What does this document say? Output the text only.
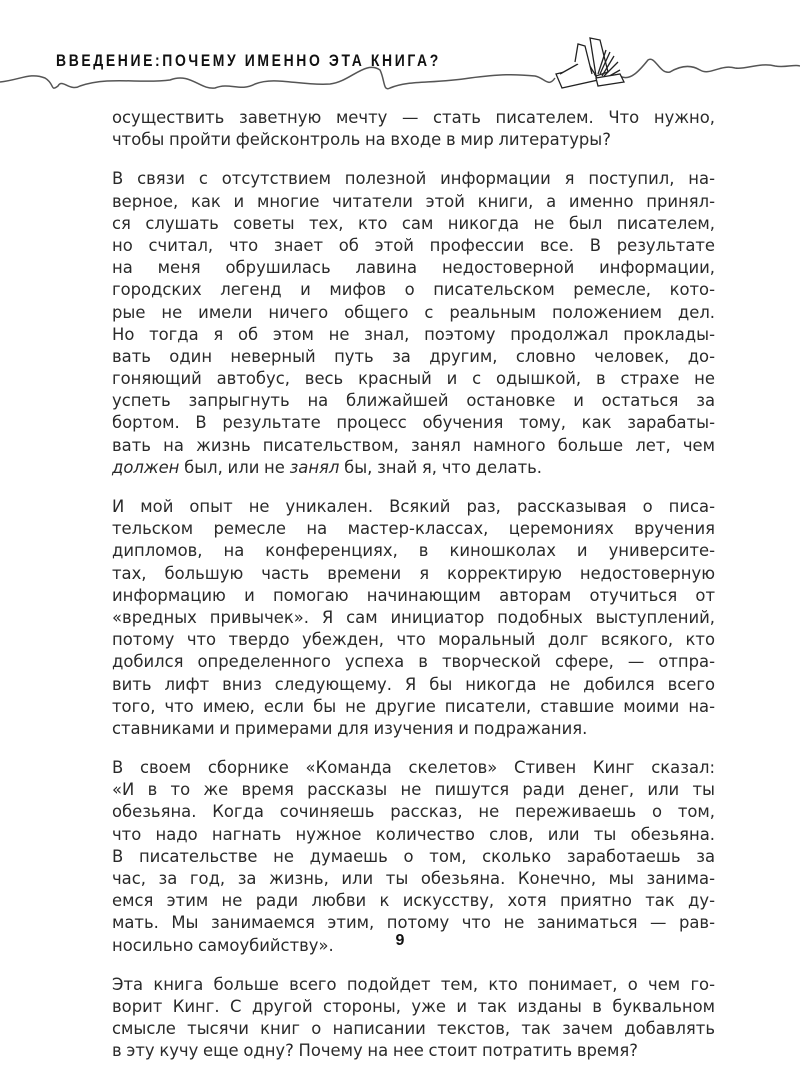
ВВЕДЕНИЕ:ПОЧЕМУ ИМЕННО ЭТА КНИГА?
осуществить заветную мечту — стать писателем. Что нужно,
чтобы пройти фейсконтроль на входе в мир литературы?
В связи с отсутствием полезной информации я поступил, на-
верное, как и многие читатели этой книги, а именно принял-
ся слушать советы тех, кто сам никогда не был писателем,
но считал, что знает об этой профессии все. В результате
на меня обрушилась лавина недостоверной информации,
городских легенд и мифов о писательском ремесле, кото-
рые не имели ничего общего с реальным положением дел.
Но тогда я об этом не знал, поэтому продолжал проклады-
вать один неверный путь за другим, словно человек, до-
гоняющий автобус, весь красный и с одышкой, в страхе не
успеть запрыгнуть на ближайшей остановке и остаться за
бортом. В результате процесс обучения тому, как зарабаты-
вать на жизнь писательством, занял намного больше лет, чем
должен был, или не занял бы, знай я, что делать.
И мой опыт не уникален. Всякий раз, рассказывая о писа-
тельском ремесле на мастер-классах, церемониях вручения
дипломов, на конференциях, в киношколах и университе-
тах, большую часть времени я корректирую недостоверную
информацию и помогаю начинающим авторам отучиться от
«вредных привычек». Я сам инициатор подобных выступлений,
потому что твердо убежден, что моральный долг всякого, кто
добился определенного успеха в творческой сфере, — отпра-
вить лифт вниз следующему. Я бы никогда не добился всего
того, что имею, если бы не другие писатели, ставшие моими на-
ставниками и примерами для изучения и подражания.
В своем сборнике «Команда скелетов» Стивен Кинг сказал:
«И в то же время рассказы не пишутся ради денег, или ты
обезьяна. Когда сочиняешь рассказ, не переживаешь о том,
что надо нагнать нужное количество слов, или ты обезьяна.
В писательстве не думаешь о том, сколько заработаешь за
час, за год, за жизнь, или ты обезьяна. Конечно, мы занима-
емся этим не ради любви к искусству, хотя приятно так ду-
мать. Мы занимаемся этим, потому что не заниматься — рав-
носильно самоубийству».
Эта книга больше всего подойдет тем, кто понимает, о чем го-
ворит Кинг. С другой стороны, уже и так изданы в буквальном
смысле тысячи книг о написании текстов, так зачем добавлять
в эту кучу еще одну? Почему на нее стоит потратить время?
9
